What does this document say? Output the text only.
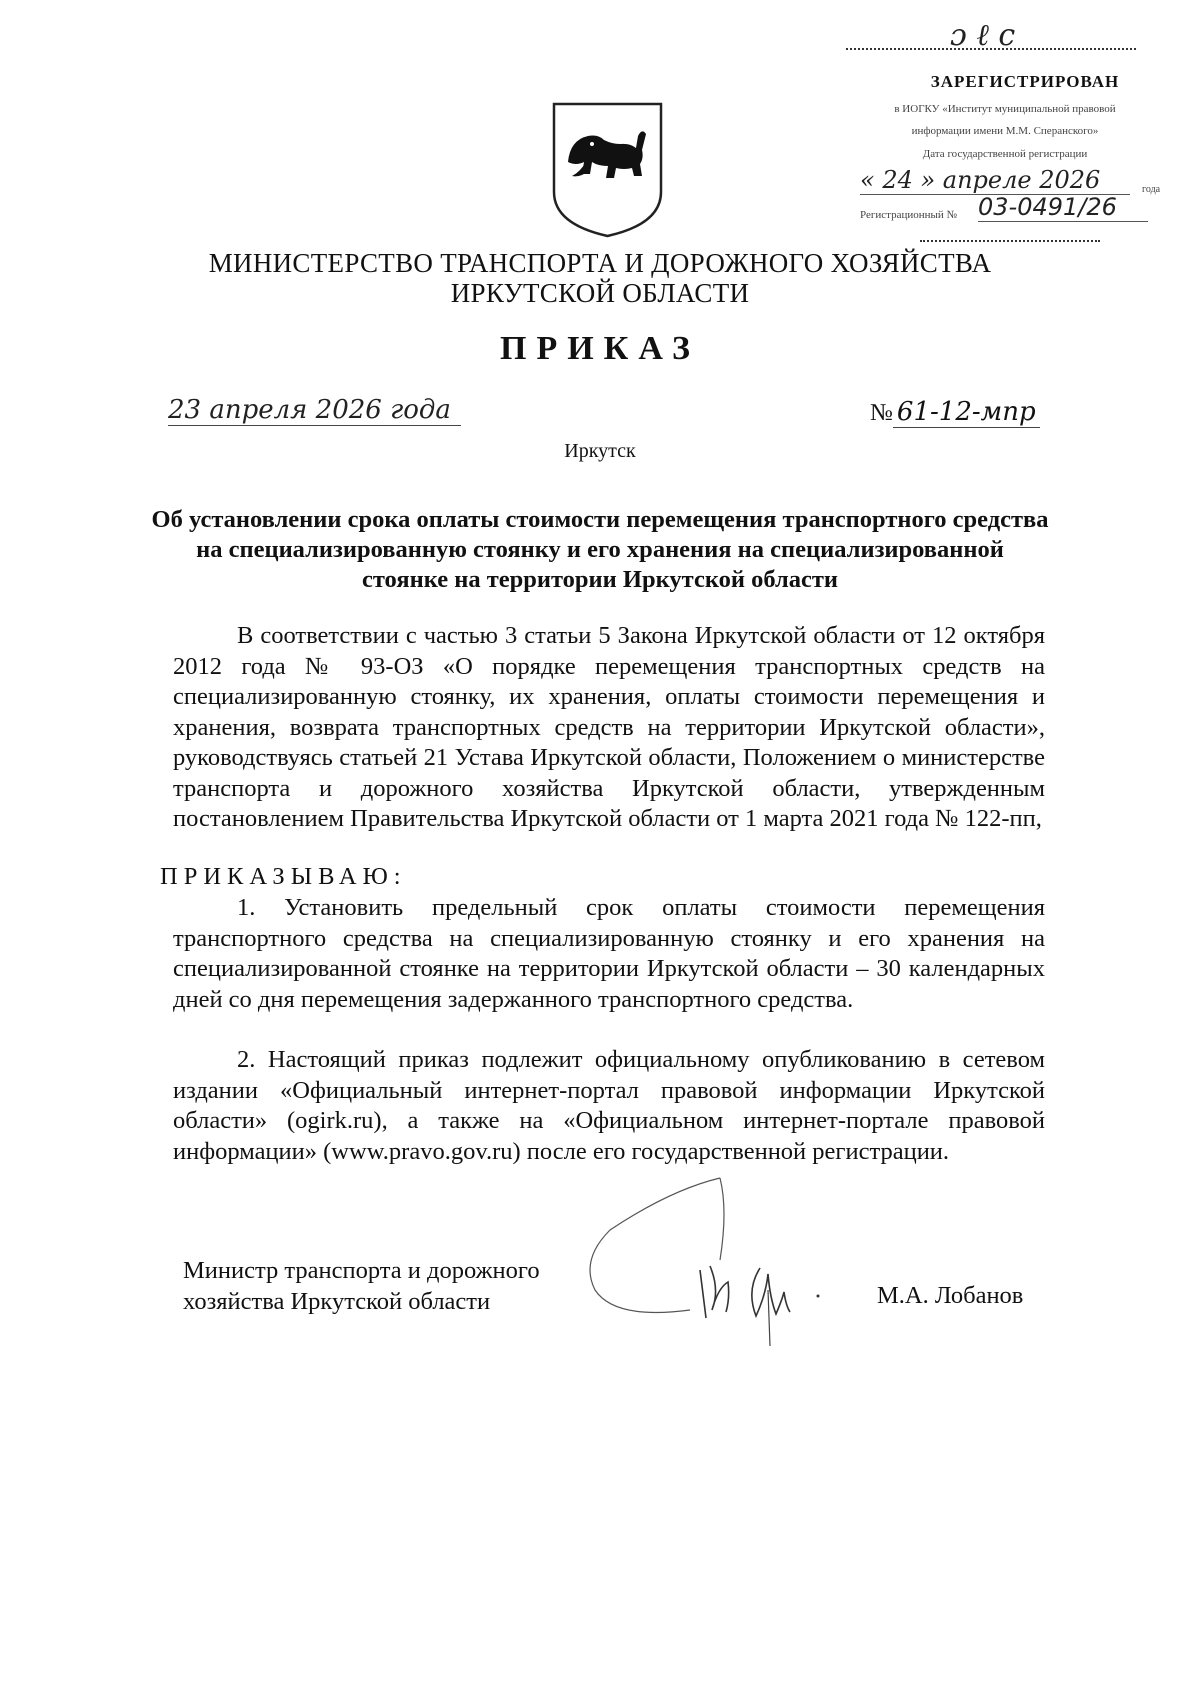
ɔ ℓ c
ЗАРЕГИСТРИРОВАН
в ИОГКУ «Институт муниципальной правовой
информации имени М.М. Сперанского»
Дата государственной регистрации
« 24 » апреле 2026	года
Регистрационный № 03-0491/26
МИНИСТЕРСТВО ТРАНСПОРТА И ДОРОЖНОГО ХОЗЯЙСТВА
ИРКУТСКОЙ ОБЛАСТИ
ПРИКАЗ
23 апреля 2026 года	№ 61-12-мпр
Иркутск
Об установлении срока оплаты стоимости перемещения транспортного средства на специализированную стоянку и его хранения на специализированной стоянке на территории Иркутской области
В соответствии с частью 3 статьи 5 Закона Иркутской области от 12 октября 2012 года № 93-ОЗ «О порядке перемещения транспортных средств на специализированную стоянку, их хранения, оплаты стоимости перемещения и хранения, возврата транспортных средств на территории Иркутской области», руководствуясь статьей 21 Устава Иркутской области, Положением о министерстве транспорта и дорожного хозяйства Иркутской области, утвержденным постановлением Правительства Иркутской области от 1 марта 2021 года № 122-пп,
ПРИКАЗЫВАЮ:
1. Установить предельный срок оплаты стоимости перемещения транспортного средства на специализированную стоянку и его хранения на специализированной стоянке на территории Иркутской области – 30 календарных дней со дня перемещения задержанного транспортного средства.
2. Настоящий приказ подлежит официальному опубликованию в сетевом издании «Официальный интернет-портал правовой информации Иркутской области» (ogirk.ru), а также на «Официальном интернет-портале правовой информации» (www.pravo.gov.ru) после его государственной регистрации.
Министр транспорта и дорожного
хозяйства Иркутской области	М.А. Лобанов
